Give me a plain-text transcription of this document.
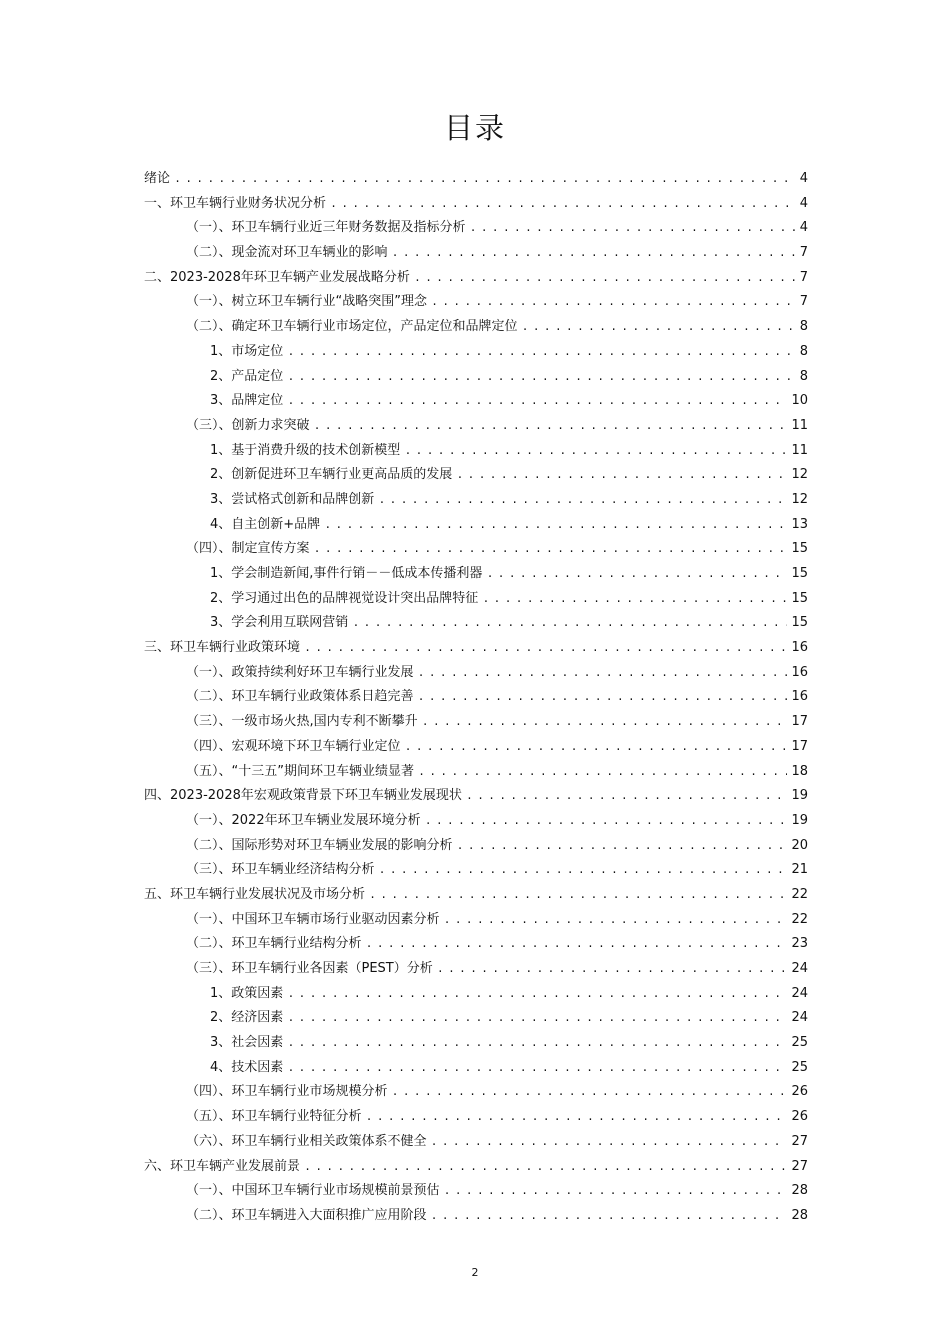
目录
绪论 . . .	4
一、环卫车辆行业财务状况分析 . . .	4
（一）、环卫车辆行业近三年财务数据及指标分析 . . .	4
（二）、现金流对环卫车辆业的影响 . . .	7
二、2023-2028年环卫车辆产业发展战略分析 . . .	7
（一）、树立环卫车辆行业“战略突围”理念 . . .	7
（二）、确定环卫车辆行业市场定位，产品定位和品牌定位 . . .	8
1、市场定位 . . .	8
2、产品定位 . . .	8
3、品牌定位 . . .	10
（三）、创新力求突破 . . .	11
1、基于消费升级的技术创新模型 . . .	11
2、创新促进环卫车辆行业更高品质的发展 . . .	12
3、尝试格式创新和品牌创新 . . .	12
4、自主创新+品牌 . . .	13
（四）、制定宣传方案 . . .	15
1、学会制造新闻,事件行销－－低成本传播利器 . . .	15
2、学习通过出色的品牌视觉设计突出品牌特征 . . .	15
3、学会利用互联网营销 . . .	15
三、环卫车辆行业政策环境 . . .	16
（一）、政策持续利好环卫车辆行业发展 . . .	16
（二）、环卫车辆行业政策体系日趋完善 . . .	16
（三）、一级市场火热,国内专利不断攀升 . . .	17
（四）、宏观环境下环卫车辆行业定位 . . .	17
（五）、“十三五”期间环卫车辆业绩显著 . . .	18
四、2023-2028年宏观政策背景下环卫车辆业发展现状 . . .	19
（一）、2022年环卫车辆业发展环境分析 . . .	19
（二）、国际形势对环卫车辆业发展的影响分析 . . .	20
（三）、环卫车辆业经济结构分析 . . .	21
五、环卫车辆行业发展状况及市场分析 . . .	22
（一）、中国环卫车辆市场行业驱动因素分析 . . .	22
（二）、环卫车辆行业结构分析 . . .	23
（三）、环卫车辆行业各因素（PEST）分析 . . .	24
1、政策因素 . . .	24
2、经济因素 . . .	24
3、社会因素 . . .	25
4、技术因素 . . .	25
（四）、环卫车辆行业市场规模分析 . . .	26
（五）、环卫车辆行业特征分析 . . .	26
（六）、环卫车辆行业相关政策体系不健全 . . .	27
六、环卫车辆产业发展前景 . . .	27
（一）、中国环卫车辆行业市场规模前景预估 . . .	28
（二）、环卫车辆进入大面积推广应用阶段 . . .	28
2
